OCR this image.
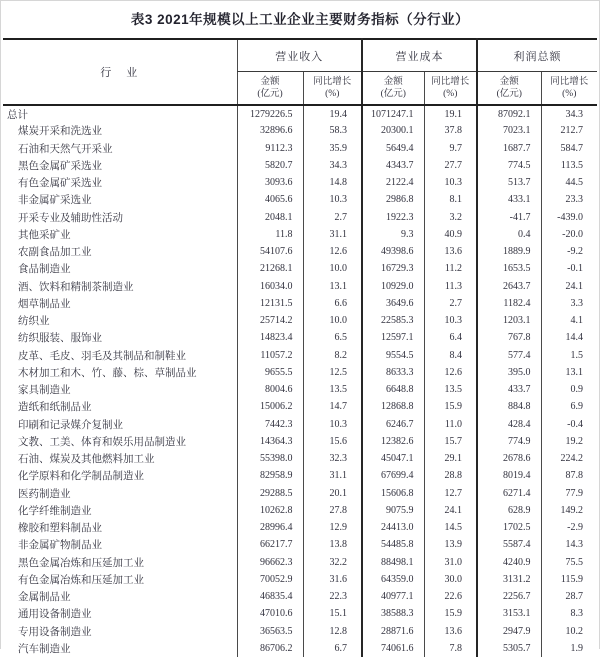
表3 2021年规模以上工业企业主要财务指标（分行业）
行　业	营业收入		营业成本		利润总额	

金额
(亿元)

同比增长
(%)

金额
(亿元)

同比增长
(%)

金额
(亿元)

同比增长
(%)

总计	1279226.5	19.4	1071247.1	19.1	87092.1	34.3
煤炭开采和洗选业	32896.6	58.3	20300.1	37.8	7023.1	212.7
石油和天然气开采业	9112.3	35.9	5649.4	9.7	1687.7	584.7
黑色金属矿采选业	5820.7	34.3	4343.7	27.7	774.5	113.5
有色金属矿采选业	3093.6	14.8	2122.4	10.3	513.7	44.5
非金属矿采选业	4065.6	10.3	2986.8	8.1	433.1	23.3
开采专业及辅助性活动	2048.1	2.7	1922.3	3.2	-41.7	-439.0
其他采矿业	11.8	31.1	9.3	40.9	0.4	-20.0
农副食品加工业	54107.6	12.6	49398.6	13.6	1889.9	-9.2
食品制造业	21268.1	10.0	16729.3	11.2	1653.5	-0.1
酒、饮料和精制茶制造业	16034.0	13.1	10929.0	11.3	2643.7	24.1
烟草制品业	12131.5	6.6	3649.6	2.7	1182.4	3.3
纺织业	25714.2	10.0	22585.3	10.3	1203.1	4.1
纺织服装、服饰业	14823.4	6.5	12597.1	6.4	767.8	14.4
皮革、毛皮、羽毛及其制品和制鞋业	11057.2	8.2	9554.5	8.4	577.4	1.5
木材加工和木、竹、藤、棕、草制品业	9655.5	12.5	8633.3	12.6	395.0	13.1
家具制造业	8004.6	13.5	6648.8	13.5	433.7	0.9
造纸和纸制品业	15006.2	14.7	12868.8	15.9	884.8	6.9
印刷和记录媒介复制业	7442.3	10.3	6246.7	11.0	428.4	-0.4
文教、工美、体育和娱乐用品制造业	14364.3	15.6	12382.6	15.7	774.9	19.2
石油、煤炭及其他燃料加工业	55398.0	32.3	45047.1	29.1	2678.6	224.2
化学原料和化学制品制造业	82958.9	31.1	67699.4	28.8	8019.4	87.8
医药制造业	29288.5	20.1	15606.8	12.7	6271.4	77.9
化学纤维制造业	10262.8	27.8	9075.9	24.1	628.9	149.2
橡胶和塑料制品业	28996.4	12.9	24413.0	14.5	1702.5	-2.9
非金属矿物制品业	66217.7	13.8	54485.8	13.9	5587.4	14.3
黑色金属冶炼和压延加工业	96662.3	32.2	88498.1	31.0	4240.9	75.5
有色金属冶炼和压延加工业	70052.9	31.6	64359.0	30.0	3131.2	115.9
金属制品业	46835.4	22.3	40977.1	22.6	2256.7	28.7
通用设备制造业	47010.6	15.1	38588.3	15.9	3153.1	8.3
专用设备制造业	36563.5	12.8	28871.6	13.6	2947.9	10.2
汽车制造业	86706.2	6.7	74061.6	7.8	5305.7	1.9
